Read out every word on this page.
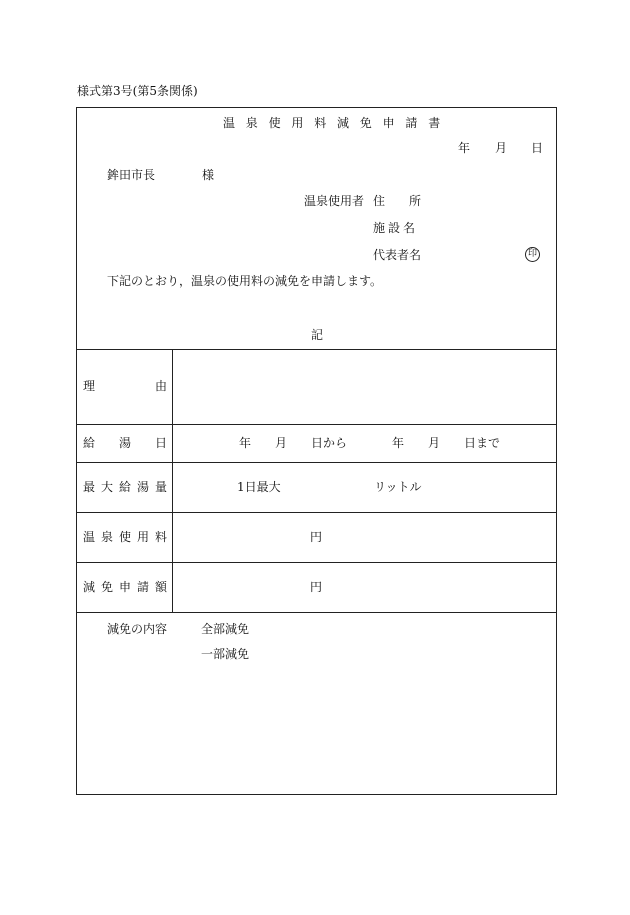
様式第3号(第5条関係)
温泉使用料減免申請書
年 月 日
鉾田市長	様
温泉使用者 住　　所
施設名
代表者名	印
下記のとおり，温泉の使用料の減免を申請します。
記
理	由
給 湯 日	年 月 日から	年 月 日まで
最 大 給 湯 量	1日最大	リットル
温 泉 使 用 料	円
減 免 申 請 額	円
減免の内容	全部減免
一部減免
